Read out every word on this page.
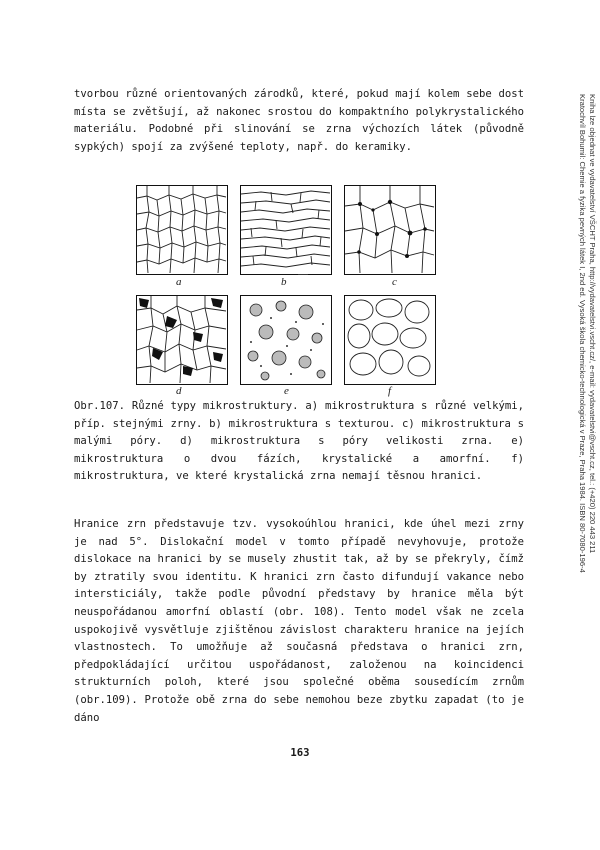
tvorbou různé orientovaných zárodků, které, pokud mají kolem sebe dost místa se zvětšují, až nakonec srostou do kompaktního polykrystalického materiálu. Podobné při slinování se zrna výchozích látek (původně sypkých) spojí za zvýšené teploty, např. do keramiky.

a	b	c
d	e	f

Obr.107. Různé typy mikrostruktury. a) mikrostruktura s různé velkými, příp. stejnými zrny. b) mikrostruktura s texturou. c) mikrostruktura s malými póry. d) mikrostruktura s póry velikosti zrna. e) mikrostruktura o dvou fázích, krystalické a amorfní. f) mikrostruktura, ve které krystalická zrna nemají těsnou hranici.

Hranice zrn představuje tzv. vysokoúhlou hranici, kde úhel mezi zrny je nad 5°. Dislokační model v tomto případě nevyhovuje, protože dislokace na hranici by se musely zhustit tak, až by se překryly, čímž by ztratily svou identitu. K hranici zrn často difundují vakance nebo intersticiály, takže podle původní představy by hranice měla být neuspořádanou amorfní oblastí (obr. 108). Tento model však ne zcela uspokojivě vysvětluje zjištěnou závislost charakteru hranice na jejích vlastnostech. To umožňuje až současná představa o hranici zrn, předpokládající určitou uspořádanost, založenou na koincidenci strukturních poloh, které jsou společné oběma sousedícím zrnům (obr.109). Protože obě zrna do sebe nemohou beze zbytku zapadat (to je dáno

163
Kratochvíl Bohumil: Chemie a fyzika pevných látek I, 2nd ed. Vysoká škola chemicko-technologická v Praze, Praha 1984. ISBN 80-7080-196-4 Kniha lze objednat ve vydavatelství VŠCHT Praha, http://vydavatelstvi.vscht.cz/, e-mail: vydavatelstvi@vscht.cz, tel.: (+420) 220 443 211
